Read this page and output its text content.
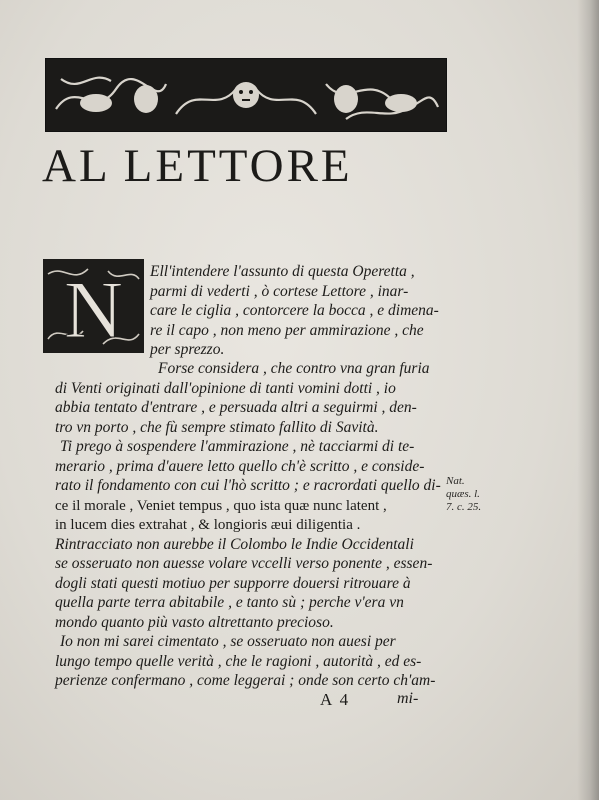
AL LETTORE
N Ell'intendere l'assunto di questa Operetta ,
parmi di vederti , ò cortese Lettore , inar-
care le ciglia , contorcere la bocca , e dimena-
re il capo , non meno per ammirazione , che
per sprezzo.
Forse considera , che contro vna gran furia
di Venti originati dall'opinione di tanti vomini dotti , io
abbia tentato d'entrare , e persuada altri a seguirmi , den-
tro vn porto , che fù sempre stimato fallito di Savità.
Ti prego à sospendere l'ammirazione , nè tacciarmi di te-
merario , prima d'auere letto quello ch'è scritto , e conside-
rato il fondamento con cui l'hò scritto ; e racrordati quello di-
ce il morale , Veniet tempus , quo ista quæ nunc latent ,
in lucem dies extrahat , & longioris æui diligentia .
Rintracciato non aurebbe il Colombo le Indie Occidentali
se osseruato non auesse volare vccelli verso ponente , essen-
dogli stati questi motiuo per supporre douersi ritrouare à
quella parte terra abitabile , e tanto sù ; perche v'era vn
mondo quanto più vasto altrettanto precioso.
Io non mi sarei cimentato , se osseruato non auesi per
lungo tempo quelle verità , che le ragioni , autorità , ed es-
perienze confermano , come leggerai ; onde son certo ch'am-
Nat.
quæs. l.
7. c. 25.
A 4	mi-
